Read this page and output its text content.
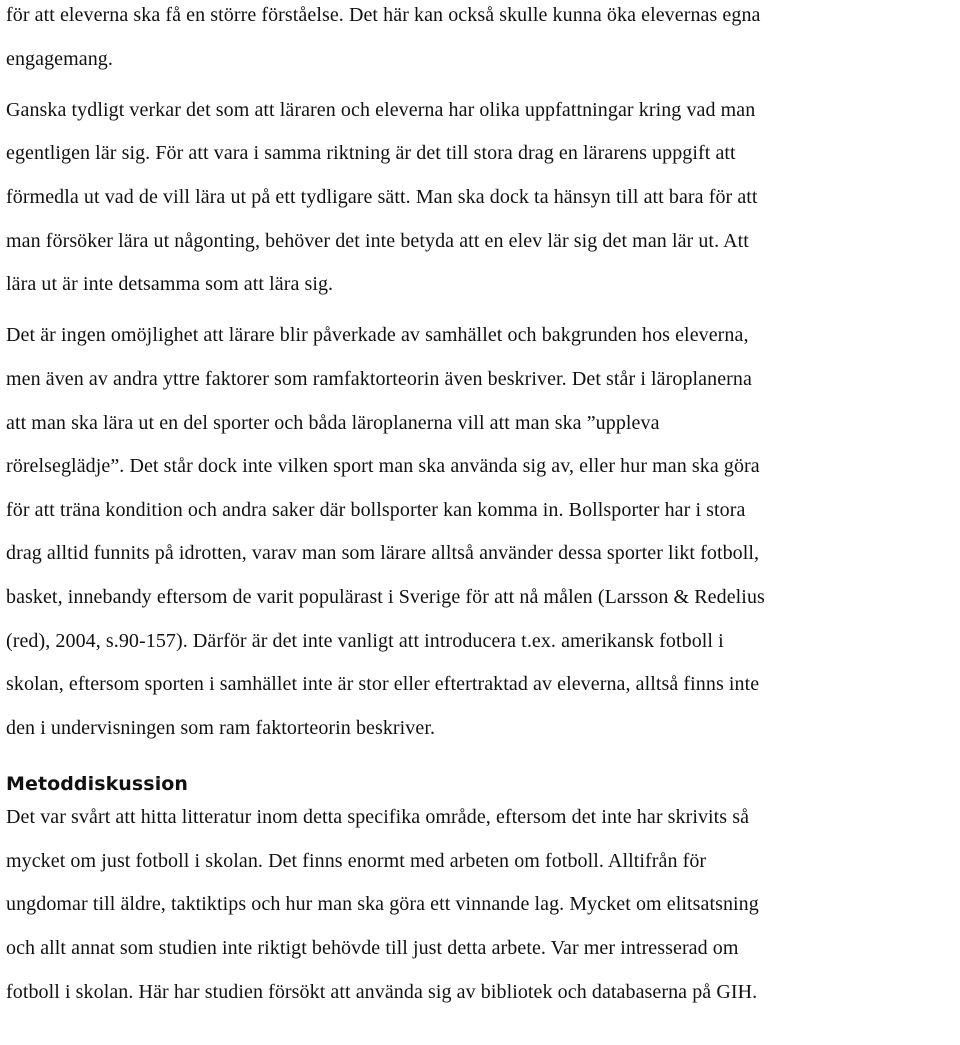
för att eleverna ska få en större förståelse. Det här kan också skulle kunna öka elevernas egna
engagemang.

Ganska tydligt verkar det som att läraren och eleverna har olika uppfattningar kring vad man
egentligen lär sig. För att vara i samma riktning är det till stora drag en lärarens uppgift att
förmedla ut vad de vill lära ut på ett tydligare sätt. Man ska dock ta hänsyn till att bara för att
man försöker lära ut någonting, behöver det inte betyda att en elev lär sig det man lär ut. Att
lära ut är inte detsamma som att lära sig.

Det är ingen omöjlighet att lärare blir påverkade av samhället och bakgrunden hos eleverna,
men även av andra yttre faktorer som ramfaktorteorin även beskriver. Det står i läroplanerna
att man ska lära ut en del sporter och båda läroplanerna vill att man ska ”uppleva
rörelseglädje”. Det står dock inte vilken sport man ska använda sig av, eller hur man ska göra
för att träna kondition och andra saker där bollsporter kan komma in. Bollsporter har i stora
drag alltid funnits på idrotten, varav man som lärare alltså använder dessa sporter likt fotboll,
basket, innebandy eftersom de varit populärast i Sverige för att nå målen (Larsson & Redelius
(red), 2004, s.90-157). Därför är det inte vanligt att introducera t.ex. amerikansk fotboll i
skolan, eftersom sporten i samhället inte är stor eller eftertraktad av eleverna, alltså finns inte
den i undervisningen som ram faktorteorin beskriver.

Metoddiskussion

Det var svårt att hitta litteratur inom detta specifika område, eftersom det inte har skrivits så
mycket om just fotboll i skolan. Det finns enormt med arbeten om fotboll. Alltifrån för
ungdomar till äldre, taktiktips och hur man ska göra ett vinnande lag. Mycket om elitsatsning
och allt annat som studien inte riktigt behövde till just detta arbete. Var mer intresserad om
fotboll i skolan. Här har studien försökt att använda sig av bibliotek och databaserna på GIH.
